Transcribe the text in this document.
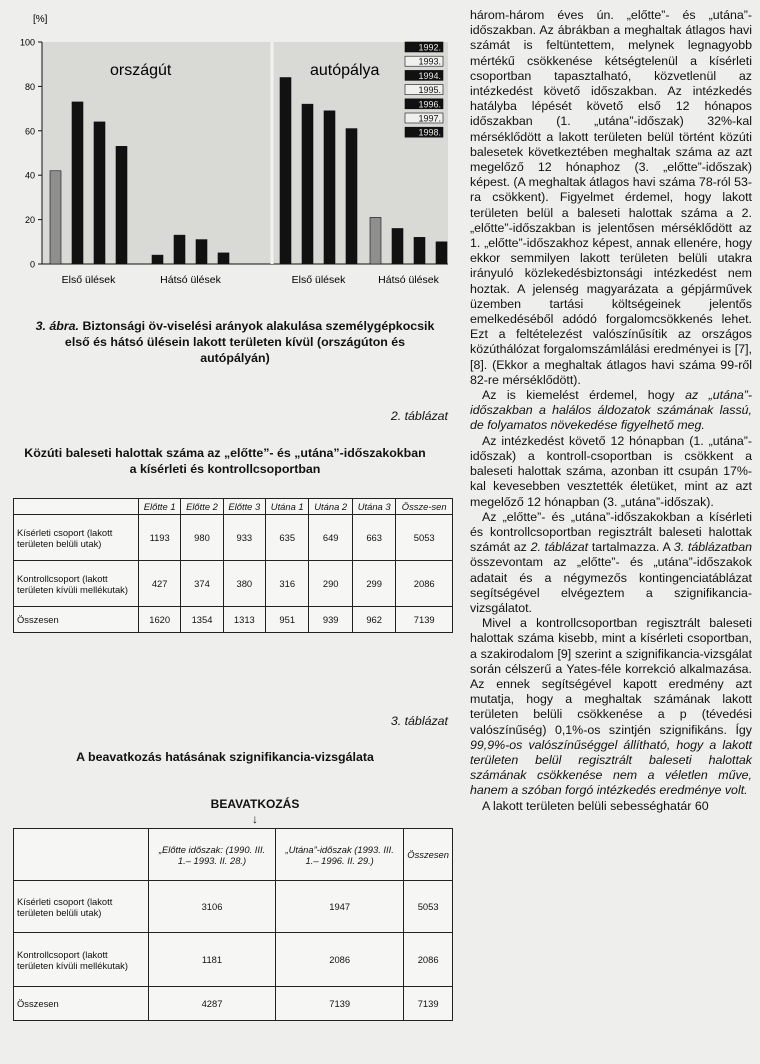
[%]
0
20
40
60
80
100
országút	autópálya
Első ülések	Hátsó ülések	Első ülések	Hátsó ülések
1992.
1993.
1994.
1995.
1996.
1997.
1998.
3. ábra. Biztonsági öv-viselési arányok alakulása személygépkocsik első és hátsó ülésein lakott területen kívül (országúton és autópályán)
2. táblázat
Közúti baleseti halottak száma az „előtte”- és „utána”-időszakokban a kísérleti és kontrollcsoportban
	Előtte 1	Előtte 2	Előtte 3	Utána 1	Utána 2	Utána 3	Össze-sen
Kísérleti csoport (lakott területen belüli utak)	1193	980	933	635	649	663	5053
Kontrollcsoport (lakott területen kívüli mellékutak)	427	374	380	316	290	299	2086
Összesen	1620	1354	1313	951	939	962	7139
3. táblázat
A beavatkozás hatásának szignifikancia-vizsgálata
BEAVATKOZÁS
↓
	„Előtte időszak: (1990. III. 1.– 1993. II. 28.)	„Utána”-időszak (1993. III. 1.– 1996. II. 29.)	Összesen
Kísérleti csoport (lakott területen belüli utak)	3106	1947	5053
Kontrollcsoport (lakott területen kívüli mellékutak)	1181	2086	2086
Összesen	4287	7139	7139

három-három éves ún. „előtte”- és „utána”-időszakban. Az ábrákban a meghaltak átlagos havi számát is feltüntettem, melynek legnagyobb mértékű csökkenése kétségtelenül a kísérleti csoportban tapasztalható, közvetlenül az intézkedést követő időszakban. Az intézkedés hatályba lépését követő első 12 hónapos időszakban (1. „utána”-időszak) 32%-kal mérséklődött a lakott területen belül történt közúti balesetek következtében meghaltak száma az azt megelőző 12 hónaphoz (3. „előtte”-időszak) képest. (A meghaltak átlagos havi száma 78-ról 53-ra csökkent). Figyelmet érdemel, hogy lakott területen belül a baleseti halottak száma a 2. „előtte”-időszakban is jelentősen mérséklődött az 1. „előtte”-időszakhoz képest, annak ellenére, hogy ekkor semmilyen lakott területen belüli utakra irányuló közlekedésbiztonsági intézkedést nem hoztak. A jelenség magyarázata a gépjárművek üzemben tartási költségeinek jelentős emelkedéséből adódó forgalomcsökkenés lehet. Ezt a feltételezést valószínűsítik az országos közúthálózat forgalomszámlálási eredményei is [7], [8]. (Ekkor a meghaltak átlagos havi száma 99-ről 82-re mérséklődött).

Az is kiemelést érdemel, hogy az „utána”-időszakban a halálos áldozatok számának lassú, de folyamatos növekedése figyelhető meg.

Az intézkedést követő 12 hónapban (1. „utána”-időszak) a kontroll-csoportban is csökkent a baleseti halottak száma, azonban itt csupán 17%-kal kevesebben vesztették életüket, mint az azt megelőző 12 hónapban (3. „utána”-időszak).

Az „előtte”- és „utána”-időszakokban a kísérleti és kontrollcsoportban regisztrált baleseti halottak számát az 2. táblázat tartalmazza. A 3. táblázatban összevontam az „előtte”- és „utána”-időszakok adatait és a négymezős kontingenciatáblázat segítségével elvégeztem a szignifikancia-vizsgálatot.

Mivel a kontrollcsoportban regisztrált baleseti halottak száma kisebb, mint a kísérleti csoportban, a szakirodalom [9] szerint a szignifikancia-vizsgálat során célszerű a Yates-féle korrekció alkalmazása. Az ennek segítségével kapott eredmény azt mutatja, hogy a meghaltak számának lakott területen belüli csökkenése a p (tévedési valószínűség) 0,1%-os szintjén szignifikáns. Így 99,9%-os valószínűséggel állítható, hogy a lakott területen belül regisztrált baleseti halottak számának csökkenése nem a véletlen műve, hanem a szóban forgó intézkedés eredménye volt.

A lakott területen belüli sebességhatár 60
